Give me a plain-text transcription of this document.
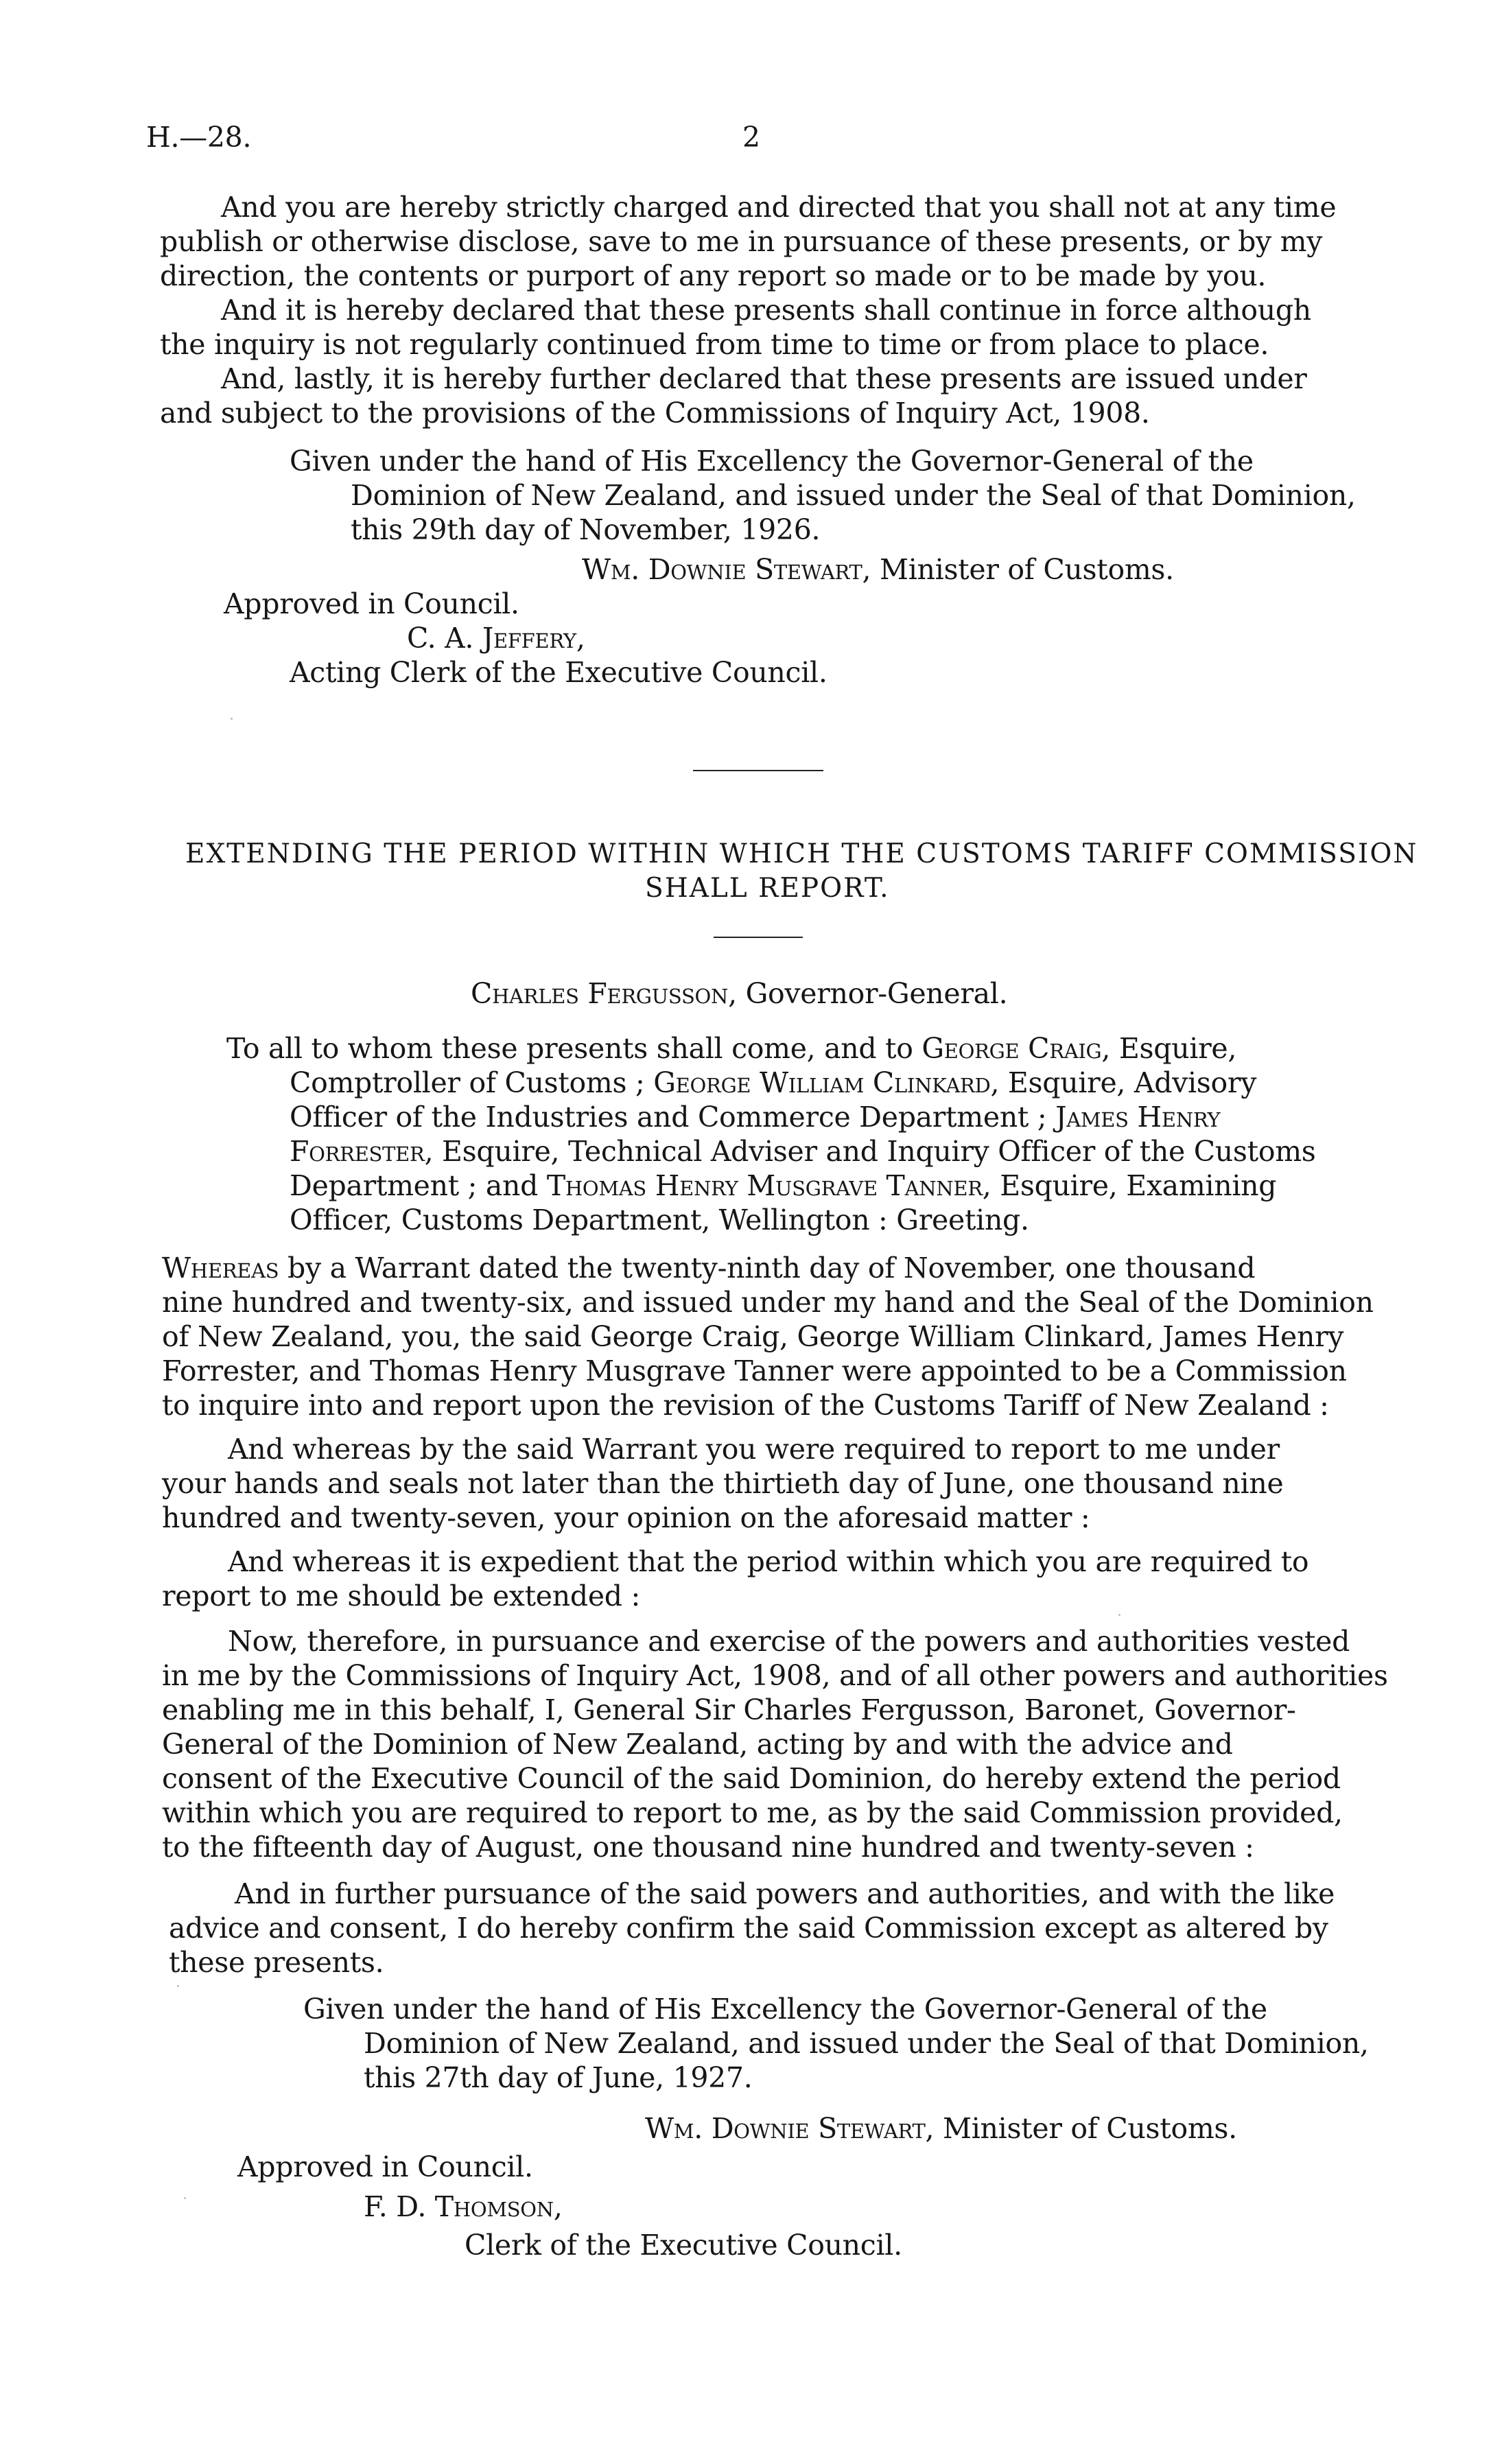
H.—28.	2
And you are hereby strictly charged and directed that you shall not at any time
publish or otherwise disclose, save to me in pursuance of these presents, or by my
direction, the contents or purport of any report so made or to be made by you.
And it is hereby declared that these presents shall continue in force although
the inquiry is not regularly continued from time to time or from place to place.
And, lastly, it is hereby further declared that these presents are issued under
and subject to the provisions of the Commissions of Inquiry Act, 1908.
Given under the hand of His Excellency the Governor-General of the
Dominion of New Zealand, and issued under the Seal of that Dominion,
this 29th day of November, 1926.
Wm. Downie Stewart, Minister of Customs.
Approved in Council.
C. A. Jeffery,
Acting Clerk of the Executive Council.
EXTENDING THE PERIOD WITHIN WHICH THE CUSTOMS TARIFF COMMISSION
SHALL REPORT.
Charles Fergusson, Governor-General.
To all to whom these presents shall come, and to George Craig, Esquire,
Comptroller of Customs ; George William Clinkard, Esquire, Advisory
Officer of the Industries and Commerce Department ; James Henry
Forrester, Esquire, Technical Adviser and Inquiry Officer of the Customs
Department ; and Thomas Henry Musgrave Tanner, Esquire, Examining
Officer, Customs Department, Wellington : Greeting.
Whereas by a Warrant dated the twenty-ninth day of November, one thousand
nine hundred and twenty-six, and issued under my hand and the Seal of the Dominion
of New Zealand, you, the said George Craig, George William Clinkard, James Henry
Forrester, and Thomas Henry Musgrave Tanner were appointed to be a Commission
to inquire into and report upon the revision of the Customs Tariff of New Zealand :
And whereas by the said Warrant you were required to report to me under
your hands and seals not later than the thirtieth day of June, one thousand nine
hundred and twenty-seven, your opinion on the aforesaid matter :
And whereas it is expedient that the period within which you are required to
report to me should be extended :
Now, therefore, in pursuance and exercise of the powers and authorities vested
in me by the Commissions of Inquiry Act, 1908, and of all other powers and authorities
enabling me in this behalf, I, General Sir Charles Fergusson, Baronet, Governor-
General of the Dominion of New Zealand, acting by and with the advice and
consent of the Executive Council of the said Dominion, do hereby extend the period
within which you are required to report to me, as by the said Commission provided,
to the fifteenth day of August, one thousand nine hundred and twenty-seven :
And in further pursuance of the said powers and authorities, and with the like
advice and consent, I do hereby confirm the said Commission except as altered by
these presents.
Given under the hand of His Excellency the Governor-General of the
Dominion of New Zealand, and issued under the Seal of that Dominion,
this 27th day of June, 1927.
Wm. Downie Stewart, Minister of Customs.
Approved in Council.
F. D. Thomson,
Clerk of the Executive Council.
